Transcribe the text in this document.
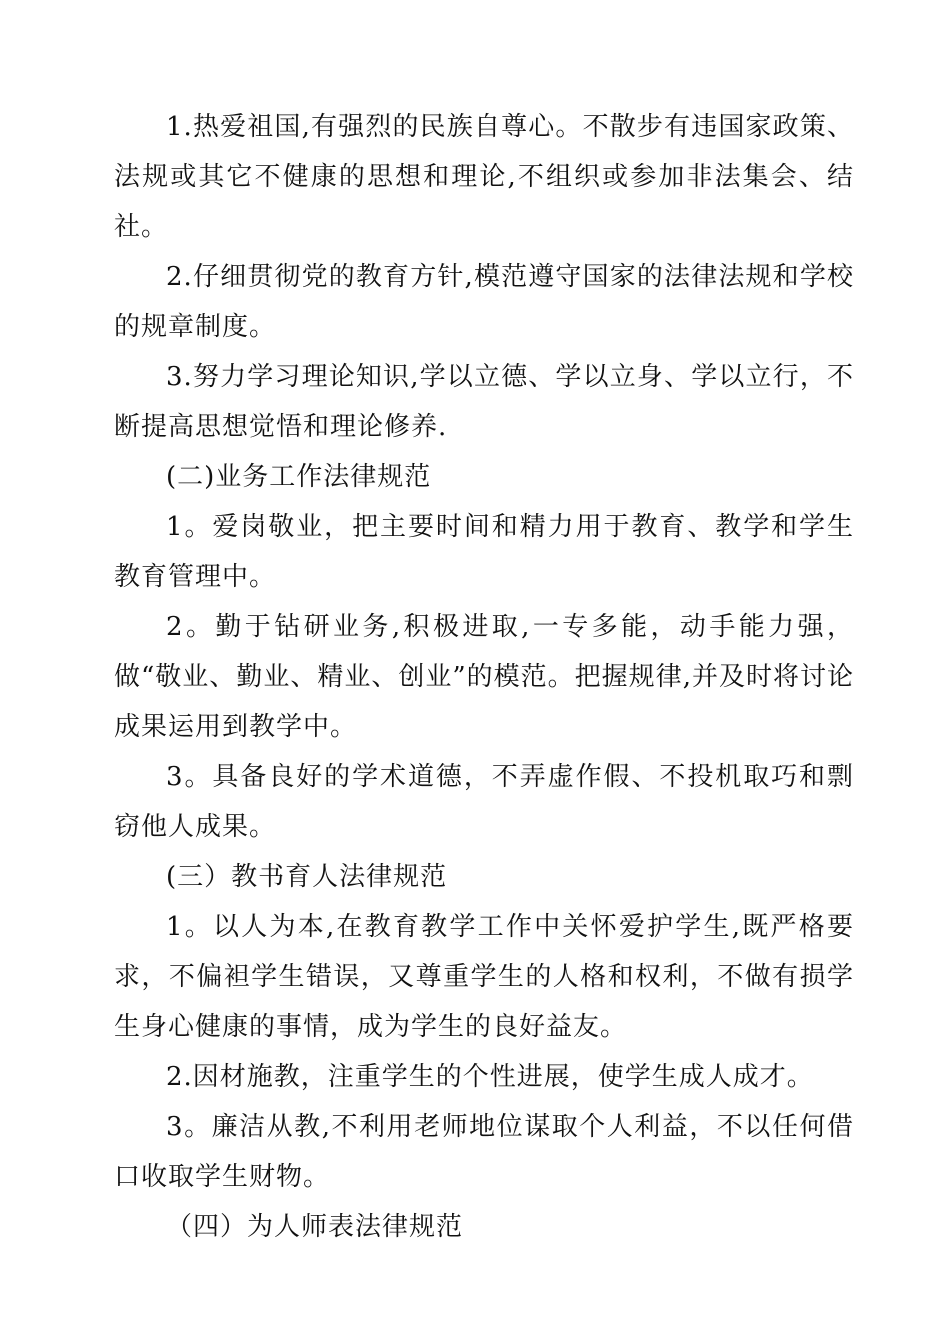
1.热爱祖国,有强烈的民族自尊心。不散步有违国家政策、法规或其它不健康的思想和理论,不组织或参加非法集会、结社。

2.仔细贯彻党的教育方针,模范遵守国家的法律法规和学校的规章制度。

3.努力学习理论知识,学以立德、学以立身、学以立行，不断提高思想觉悟和理论修养.

(二)业务工作法律规范

1。爱岗敬业，把主要时间和精力用于教育、教学和学生教育管理中。

2。勤于钻研业务,积极进取,一专多能，动手能力强，做“敬业、勤业、精业、创业”的模范。把握规律,并及时将讨论成果运用到教学中。

3。具备良好的学术道德，不弄虚作假、不投机取巧和剽窃他人成果。

(三）教书育人法律规范

1。以人为本,在教育教学工作中关怀爱护学生,既严格要求，不偏袒学生错误，又尊重学生的人格和权利，不做有损学生身心健康的事情，成为学生的良好益友。

2.因材施教，注重学生的个性进展，使学生成人成才。

3。廉洁从教,不利用老师地位谋取个人利益，不以任何借口收取学生财物。

（四）为人师表法律规范
